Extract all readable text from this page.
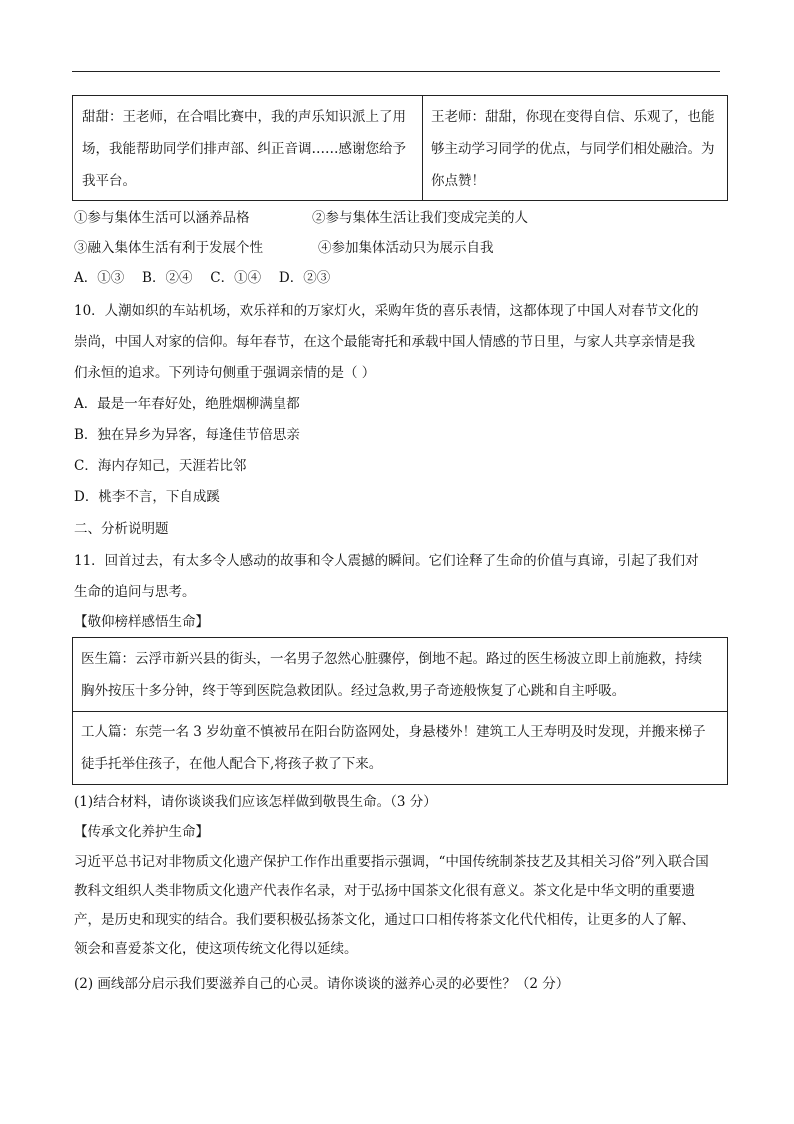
甜甜：王老师，在合唱比赛中，我的声乐知识派上了用
场，我能帮助同学们排声部、纠正音调……感谢您给予
我平台。
王老师：甜甜，你现在变得自信、乐观了，也能
够主动学习同学的优点，与同学们相处融洽。为
你点赞！
①参与集体生活可以涵养品格	②参与集体生活让我们变成完美的人
③融入集体生活有利于发展个性	④参加集体活动只为展示自我
A．①③　 B．②④　 C．①④　 D．②③
10．人潮如织的车站机场，欢乐祥和的万家灯火，采购年货的喜乐表情，这都体现了中国人对春节文化的
崇尚，中国人对家的信仰。每年春节，在这个最能寄托和承载中国人情感的节日里，与家人共享亲情是我
们永恒的追求。下列诗句侧重于强调亲情的是（ ）
A．最是一年春好处，绝胜烟柳满皇都
B．独在异乡为异客，每逢佳节倍思亲
C．海内存知己，天涯若比邻
D．桃李不言，下自成蹊
二、分析说明题
11．回首过去，有太多令人感动的故事和令人震撼的瞬间。它们诠释了生命的价值与真谛，引起了我们对
生命的追问与思考。
【敬仰榜样感悟生命】
医生篇：云浮市新兴县的街头，一名男子忽然心脏骤停，倒地不起。路过的医生杨波立即上前施救，持续
胸外按压十多分钟，终于等到医院急救团队。经过急救,男子奇迹般恢复了心跳和自主呼吸。
工人篇：东莞一名 3 岁幼童不慎被吊在阳台防盗网处，身悬楼外！建筑工人王寿明及时发现，并搬来梯子
徒手托举住孩子，在他人配合下,将孩子救了下来。
(1)结合材料，请你谈谈我们应该怎样做到敬畏生命。（3 分）
【传承文化养护生命】
习近平总书记对非物质文化遗产保护工作作出重要指示强调，“中国传统制茶技艺及其相关习俗”列入联合国
教科文组织人类非物质文化遗产代表作名录，对于弘扬中国茶文化很有意义。茶文化是中华文明的重要遗
产，是历史和现实的结合。我们要积极弘扬茶文化，通过口口相传将茶文化代代相传，让更多的人了解、
领会和喜爱茶文化，使这项传统文化得以延续。
(2) 画线部分启示我们要滋养自己的心灵。请你谈谈的滋养心灵的必要性？（2 分）
